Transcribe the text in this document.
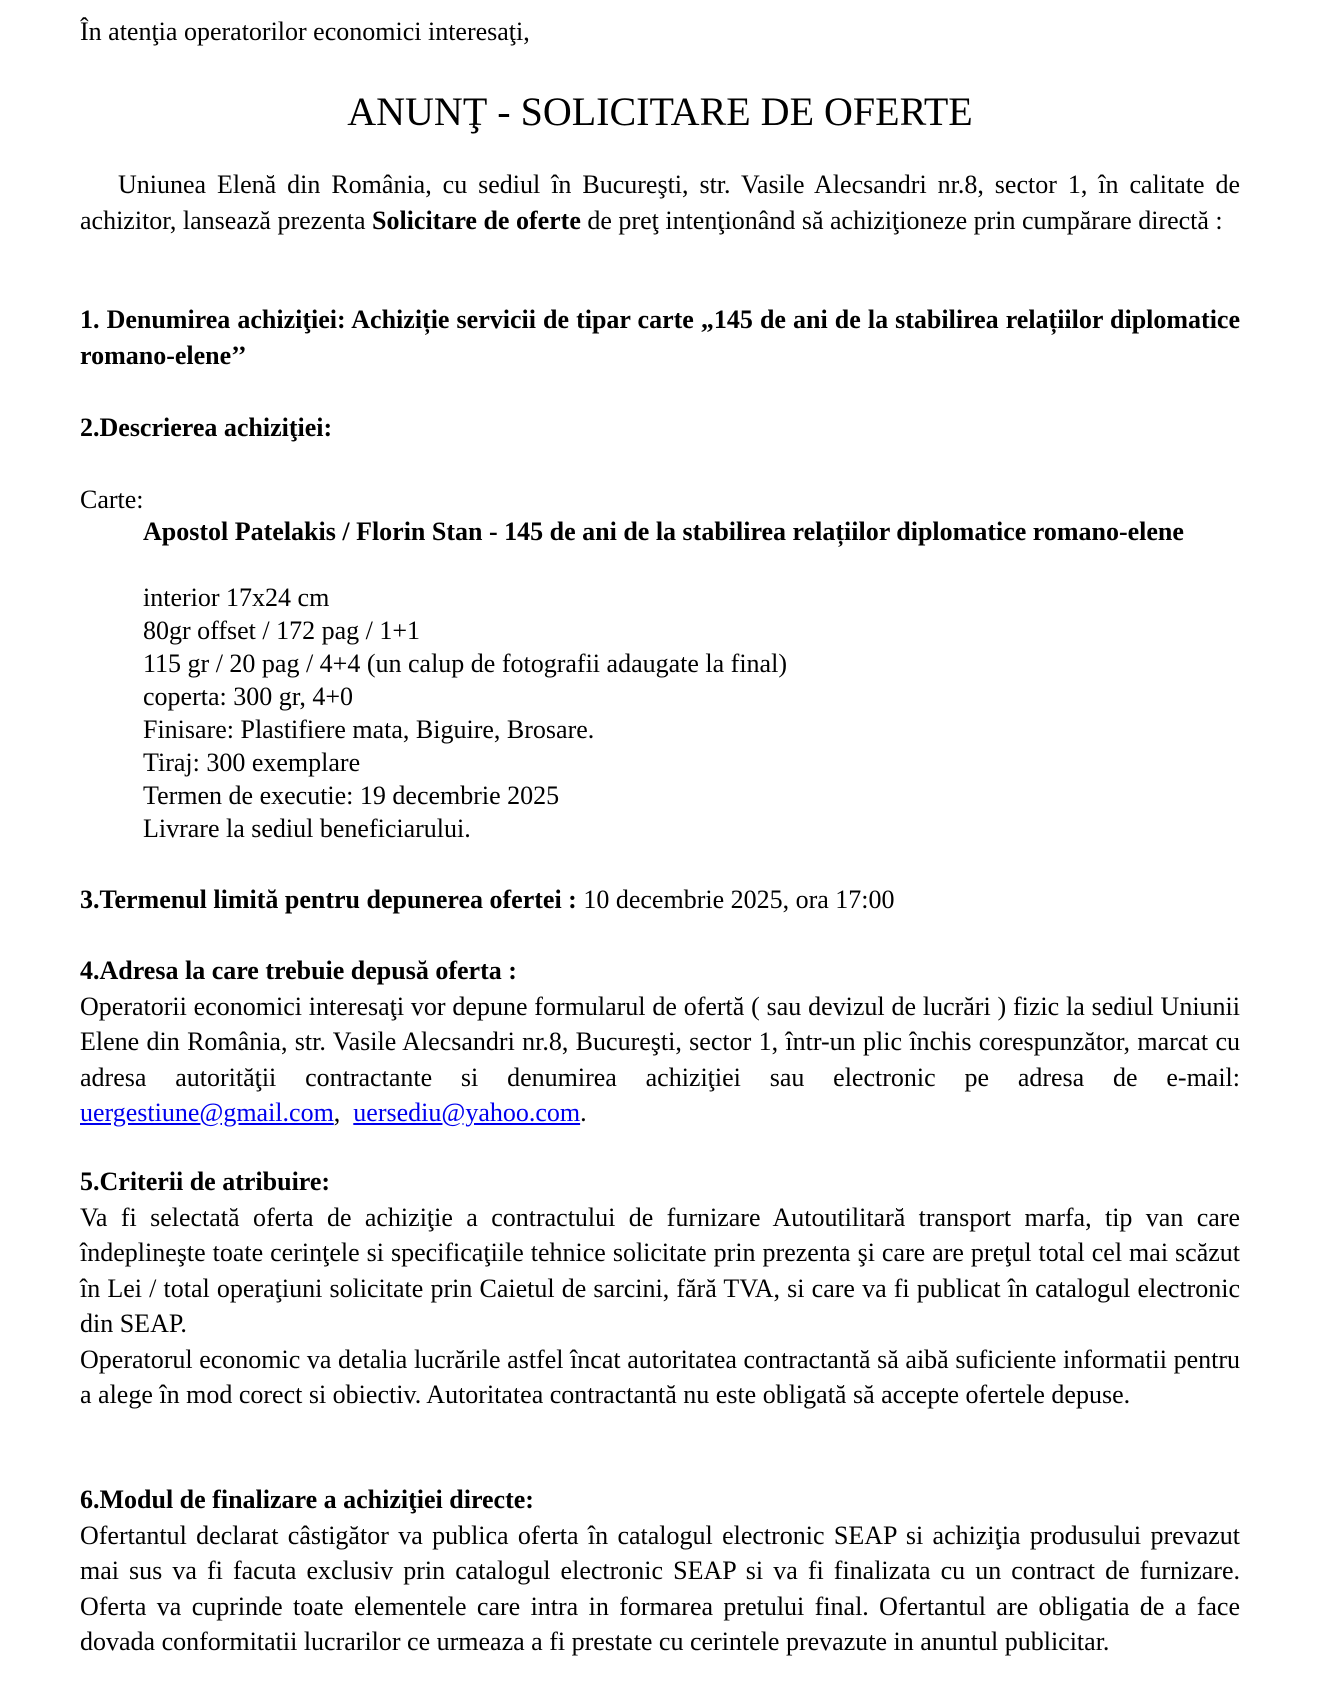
În atenţia operatorilor economici interesaţi,
ANUNŢ - SOLICITARE DE OFERTE
Uniunea Elenă din România, cu sediul în Bucureşti, str. Vasile Alecsandri nr.8, sector 1, în calitate de achizitor, lansează prezenta Solicitare de oferte de preţ intenţionând să achiziţioneze prin cumpărare directă :
1. Denumirea achiziţiei: Achiziție servicii de tipar carte „145 de ani de la stabilirea relațiilor diplomatice romano-elene’’
2.Descrierea achiziţiei:
Carte:
Apostol Patelakis / Florin Stan - 145 de ani de la stabilirea relațiilor diplomatice romano-elene
interior 17x24 cm
80gr offset / 172 pag / 1+1
115 gr / 20 pag / 4+4 (un calup de fotografii adaugate la final)
coperta: 300 gr, 4+0
Finisare: Plastifiere mata, Biguire, Brosare.
Tiraj: 300 exemplare
Termen de executie: 19 decembrie 2025
Livrare la sediul beneficiarului.
3.Termenul limită pentru depunerea ofertei : 10 decembrie 2025, ora 17:00
4.Adresa la care trebuie depusă oferta :
Operatorii economici interesaţi vor depune formularul de ofertă ( sau devizul de lucrări ) fizic la sediul Uniunii Elene din România, str. Vasile Alecsandri nr.8, Bucureşti, sector 1, într-un plic închis corespunzător, marcat cu adresa autorităţii contractante si denumirea achiziţiei sau electronic pe adresa de e-mail: uergestiune@gmail.com,  uersediu@yahoo.com.
5.Criterii de atribuire:
Va fi selectată oferta de achiziţie a contractului de furnizare Autoutilitară transport marfa, tip van care îndeplineşte toate cerinţele si specificaţiile tehnice solicitate prin prezenta şi care are preţul total cel mai scăzut în Lei / total operaţiuni solicitate prin Caietul de sarcini, fără TVA, si care va fi publicat în catalogul electronic din SEAP.
Operatorul economic va detalia lucrările astfel încat autoritatea contractantă să aibă suficiente informatii pentru a alege în mod corect si obiectiv. Autoritatea contractantă nu este obligată să accepte ofertele depuse.
6.Modul de finalizare a achiziţiei directe:
Ofertantul declarat câstigător va publica oferta în catalogul electronic SEAP si achiziţia produsului prevazut mai sus va fi facuta exclusiv prin catalogul electronic SEAP si va fi finalizata cu un contract de furnizare. Oferta va cuprinde toate elementele care intra in formarea pretului final. Ofertantul are obligatia de a face dovada conformitatii lucrarilor ce urmeaza a fi prestate cu cerintele prevazute in anuntul publicitar.
